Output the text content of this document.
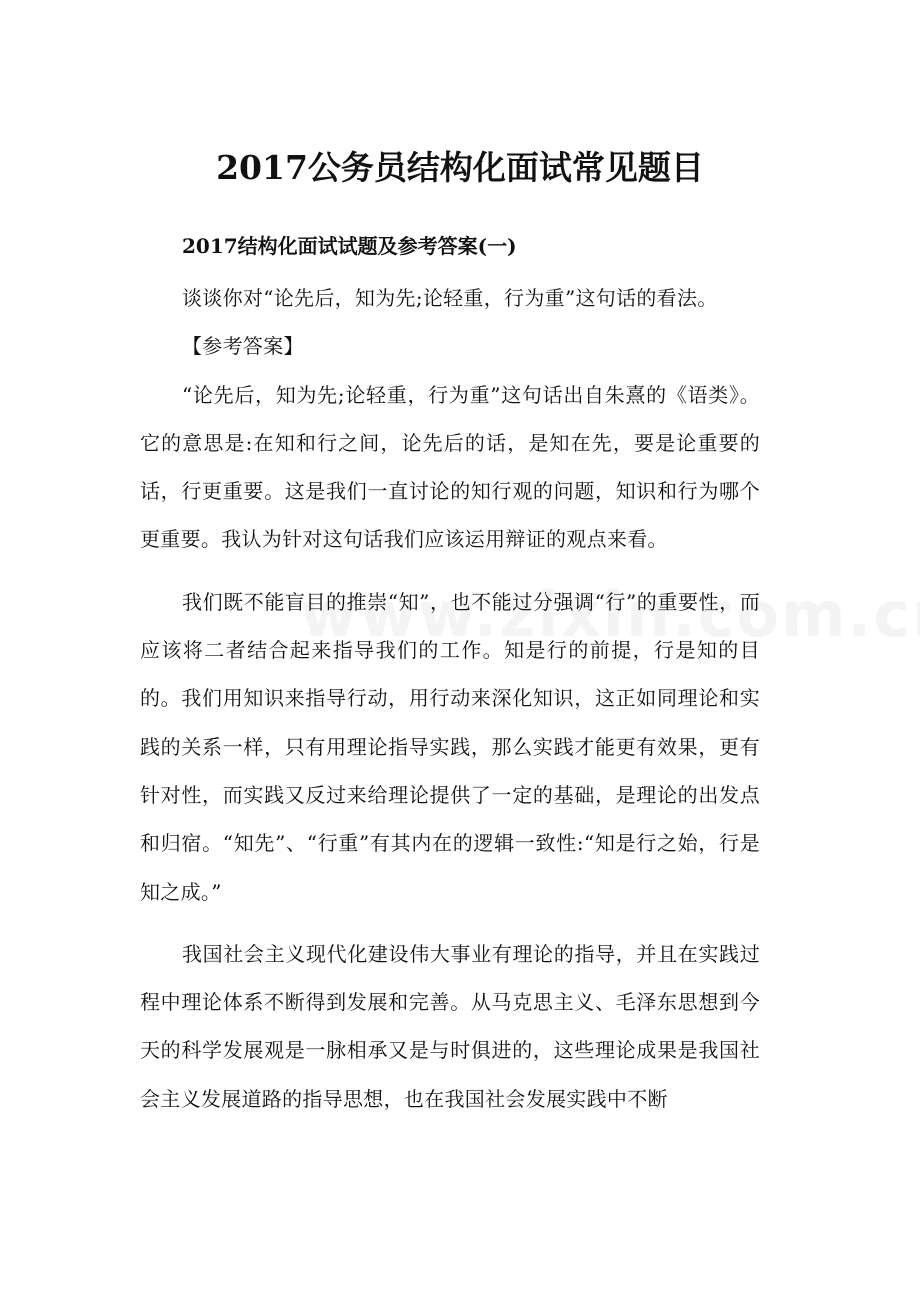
2017公务员结构化面试常见题目
2017结构化面试试题及参考答案(一)

谈谈你对“论先后，知为先;论轻重，行为重”这句话的看法。

【参考答案】

“论先后，知为先;论轻重，行为重”这句话出自朱熹的《语类》。它的意思是:在知和行之间，论先后的话，是知在先，要是论重要的话，行更重要。这是我们一直讨论的知行观的问题，知识和行为哪个更重要。我认为针对这句话我们应该运用辩证的观点来看。

我们既不能盲目的推崇“知”，也不能过分强调“行”的重要性，而应该将二者结合起来指导我们的工作。知是行的前提，行是知的目的。我们用知识来指导行动，用行动来深化知识，这正如同理论和实践的关系一样，只有用理论指导实践，那么实践才能更有效果，更有针对性，而实践又反过来给理论提供了一定的基础，是理论的出发点和归宿。“知先”、“行重”有其内在的逻辑一致性:“知是行之始，行是知之成。”

我国社会主义现代化建设伟大事业有理论的指导，并且在实践过程中理论体系不断得到发展和完善。从马克思主义、毛泽东思想到今天的科学发展观是一脉相承又是与时俱进的，这些理论成果是我国社会主义发展道路的指导思想，也在我国社会发展实践中不断
